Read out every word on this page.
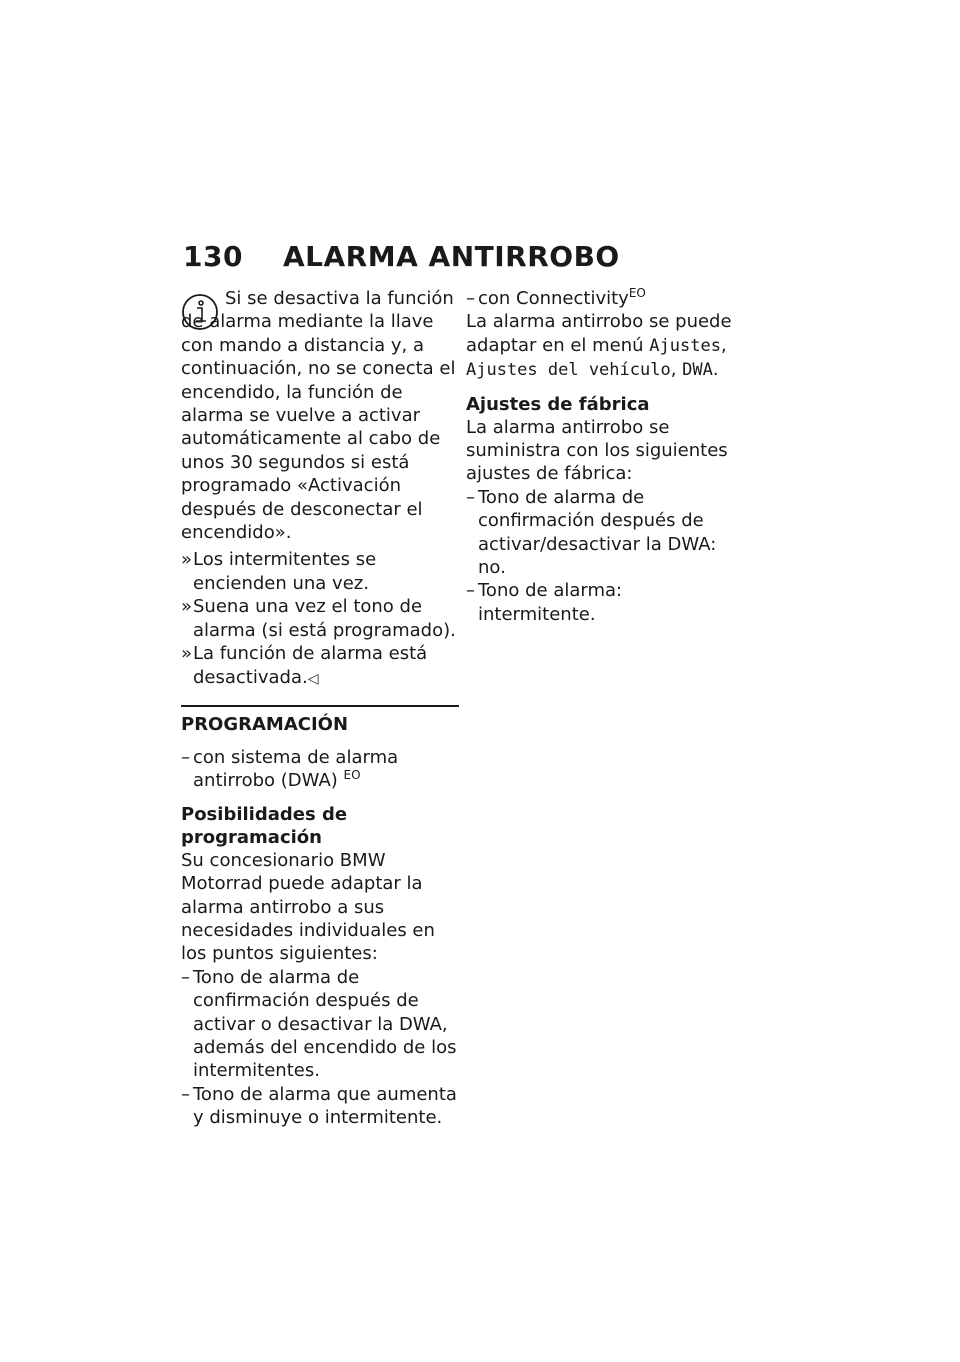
130 ALARMA ANTIRROBO

Si se desactiva la función de alarma mediante la llave con mando a distancia y, a continuación, no se conecta el encendido, la función de alarma se vuelve a activar automáticamente al cabo de unos 30 segundos si está programado «Activación después de desconectar el encendido».

» Los intermitentes se encienden una vez.
» Suena una vez el tono de alarma (si está programado).
» La función de alarma está desactivada.◁
PROGRAMACIÓN
– con sistema de alarma antirrobo (DWA) $^{EO}$
Posibilidades de programación

Su concesionario BMW Motorrad puede adaptar la alarma antirrobo a sus necesidades individuales en los puntos siguientes:

– Tono de alarma de confirmación después de activar o desactivar la DWA, además del encendido de los intermitentes.
– Tono de alarma que aumenta y disminuye o intermitente.
– con Connectivity$^{EO}$

La alarma antirrobo se puede adaptar en el menú Ajustes, Ajustes del vehículo, DWA.

Ajustes de fábrica

La alarma antirrobo se suministra con los siguientes ajustes de fábrica:

– Tono de alarma de confirmación después de activar/desactivar la DWA: no.
– Tono de alarma: intermitente.
